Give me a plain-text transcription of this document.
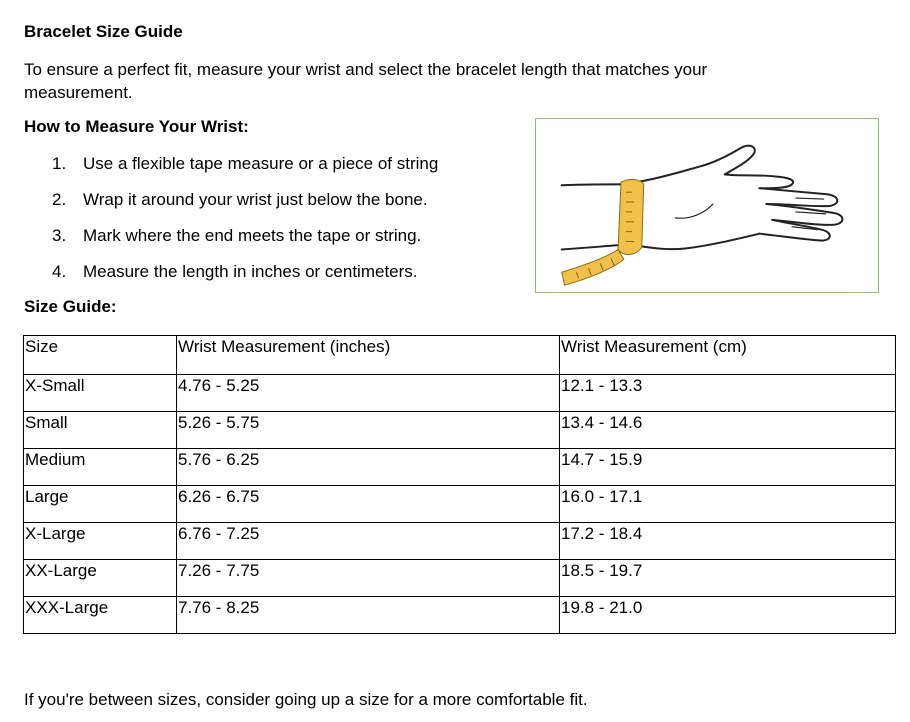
Bracelet Size Guide

To ensure a perfect fit, measure your wrist and select the bracelet length that matches your measurement.

How to Measure Your Wrist:
1. Use a flexible tape measure or a piece of string
2. Wrap it around your wrist just below the bone.
3. Mark where the end meets the tape or string.
4. Measure the length in inches or centimeters.
Size Guide:
Size	Wrist Measurement (inches)	Wrist Measurement (cm)
X-Small	4.76 - 5.25	12.1 - 13.3
Small	5.26 - 5.75	13.4 - 14.6
Medium	5.76 - 6.25	14.7 - 15.9
Large	6.26 - 6.75	16.0 - 17.1
X-Large	6.76 - 7.25	17.2 - 18.4
XX-Large	7.26 - 7.75	18.5 - 19.7
XXX-Large	7.76 - 8.25	19.8 - 21.0

If you're between sizes, consider going up a size for a more comfortable fit.
